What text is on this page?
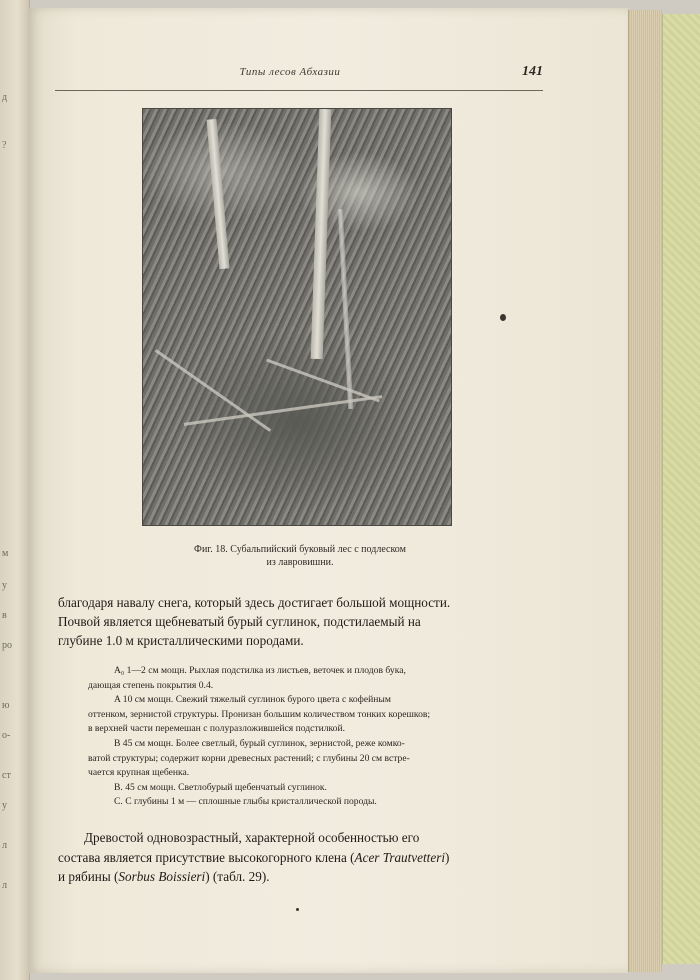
д
?
м
у
в
ро
ю
о-
ст
у
л
л
Типы лесов Абхазии	141
Фиг. 18. Субальпийский буковый лес с подлеском
из лавровишни.
благодаря навалу снега, который здесь достигает большой мощности.
Почвой является щебневатый бурый суглинок, подстилаемый на
глубине 1.0 м кристаллическими породами.
A₀ 1—2 см мощн. Рыхлая подстилка из листьев, веточек и плодов бука,
дающая степень покрытия 0.4.
A 10 см мощн. Свежий тяжелый суглинок бурого цвета с кофейным
оттенком, зернистой структуры. Пронизан большим количеством тонких корешков;
в верхней части перемешан с полуразложившейся подстилкой.
B 45 см мощн. Более светлый, бурый суглинок, зернистой, реже комко-
ватой структуры; содержит корни древесных растений; с глубины 20 см встре-
чается крупная щебенка.
B. 45 см мощн. Светлобурый щебенчатый суглинок.
C. С глубины 1 м — сплошные глыбы кристаллической породы.
Древостой одновозрастный, характерной особенностью его
состава является присутствие высокогорного клена (Acer Trautvetteri)
и рябины (Sorbus Boissieri) (табл. 29).
